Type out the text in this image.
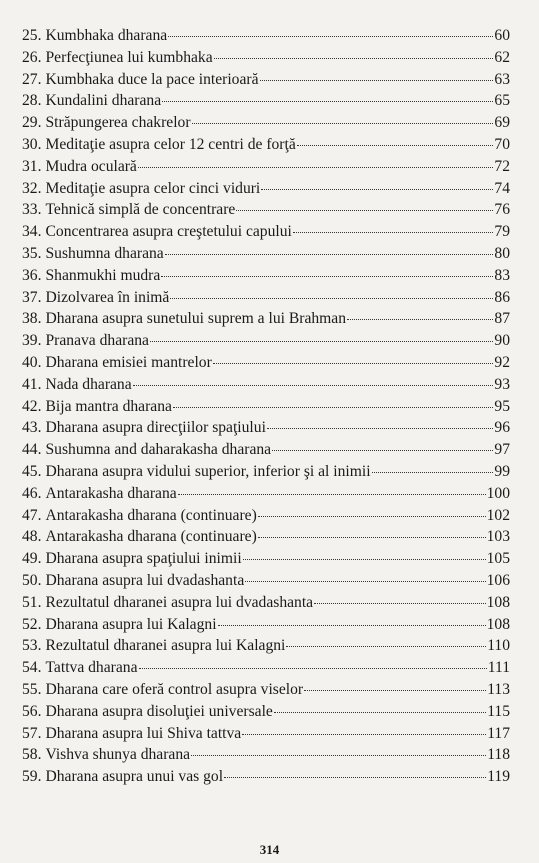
25. Kumbhaka dharana	60
26. Perfecţiunea lui kumbhaka	62
27. Kumbhaka duce la pace interioară	63
28. Kundalini dharana	65
29. Străpungerea chakrelor	69
30. Meditaţie asupra celor 12 centri de forţă	70
31. Mudra oculară	72
32. Meditaţie asupra celor cinci viduri	74
33. Tehnică simplă de concentrare	76
34. Concentrarea asupra creştetului capului	79
35. Sushumna dharana	80
36. Shanmukhi mudra	83
37. Dizolvarea în inimă	86
38. Dharana asupra sunetului suprem a lui Brahman	87
39. Pranava dharana	90
40. Dharana emisiei mantrelor	92
41. Nada dharana	93
42. Bija mantra dharana	95
43. Dharana asupra direcţiilor spaţiului	96
44. Sushumna and daharakasha dharana	97
45. Dharana asupra vidului superior, inferior şi al inimii	99
46. Antarakasha dharana	100
47. Antarakasha dharana (continuare)	102
48. Antarakasha dharana (continuare)	103
49. Dharana asupra spaţiului inimii	105
50. Dharana asupra lui dvadashanta	106
51. Rezultatul dharanei asupra lui dvadashanta	108
52. Dharana asupra lui Kalagni	108
53. Rezultatul dharanei asupra lui Kalagni	110
54. Tattva dharana	111
55. Dharana care oferă control asupra viselor	113
56. Dharana asupra disoluţiei universale	115
57. Dharana asupra lui Shiva tattva	117
58. Vishva shunya dharana	118
59. Dharana asupra unui vas gol	119
314
